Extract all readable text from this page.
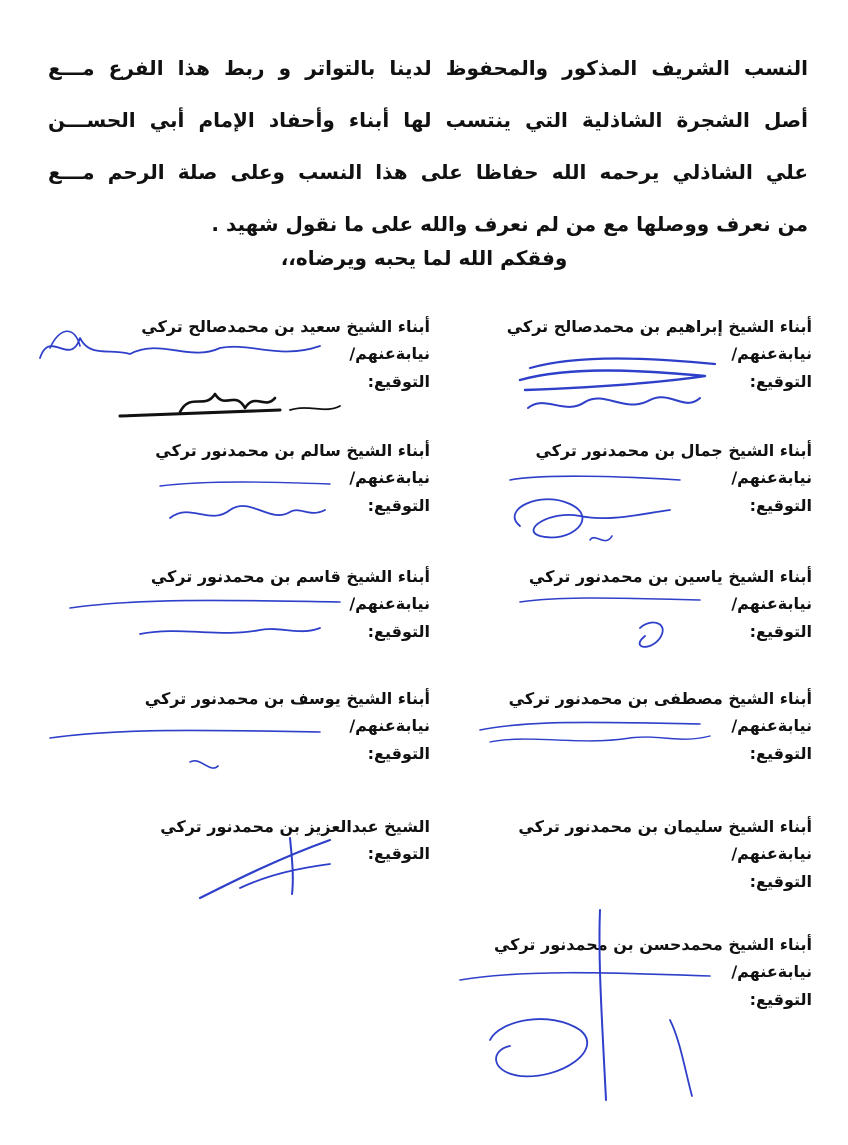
النسب الشريف المذكور والمحفوظ لدينا بالتواتر و ربط هذا الفرع مـــع
أصل الشجرة الشاذلية التي ينتسب لها أبناء وأحفاد الإمام أبي الحســـن
علي الشاذلي يرحمه الله حفاظا على هذا النسب وعلى صلة الرحم مـــع
من نعرف ووصلها مع من لم نعرف والله على ما نقول شهيد .
وفقكم الله لما يحبه ويرضاه،،
أبناء الشيخ إبراهيم بن محمدصالح تركي
نيابةعنهم/
التوقيع:
أبناء الشيخ سعيد بن محمدصالح تركي
نيابةعنهم/
التوقيع:
أبناء الشيخ جمال بن محمدنور تركي
نيابةعنهم/
التوقيع:
أبناء الشيخ سالم بن محمدنور تركي
نيابةعنهم/
التوقيع:
أبناء الشيخ ياسين بن محمدنور تركي
نيابةعنهم/
التوقيع:
أبناء الشيخ قاسم بن محمدنور تركي
نيابةعنهم/
التوقيع:
أبناء الشيخ مصطفى بن محمدنور تركي
نيابةعنهم/
التوقيع:
أبناء الشيخ يوسف بن محمدنور تركي
نيابةعنهم/
التوقيع:
أبناء الشيخ سليمان بن محمدنور تركي
نيابةعنهم/
التوقيع:
الشيخ عبدالعزيز بن محمدنور تركي
التوقيع:
أبناء الشيخ محمدحسن بن محمدنور تركي
نيابةعنهم/
التوقيع:
